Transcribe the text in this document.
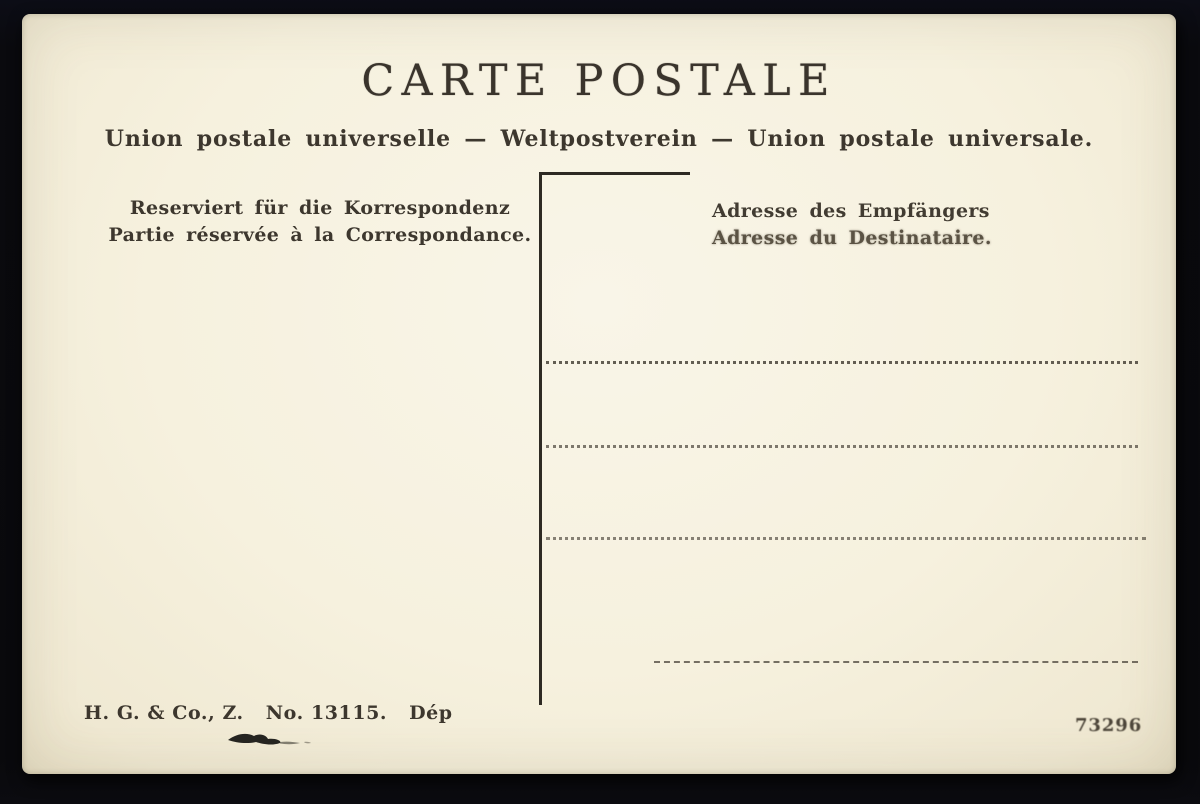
CARTE POSTALE
Union postale universelle — Weltpostverein — Union postale universale.
Reserviert für die Korrespondenz
Partie réservée à la Correspondance.
Adresse des Empfängers
Adresse du Destinataire.
H. G. & Co., Z. No. 13115. Dép
73296
